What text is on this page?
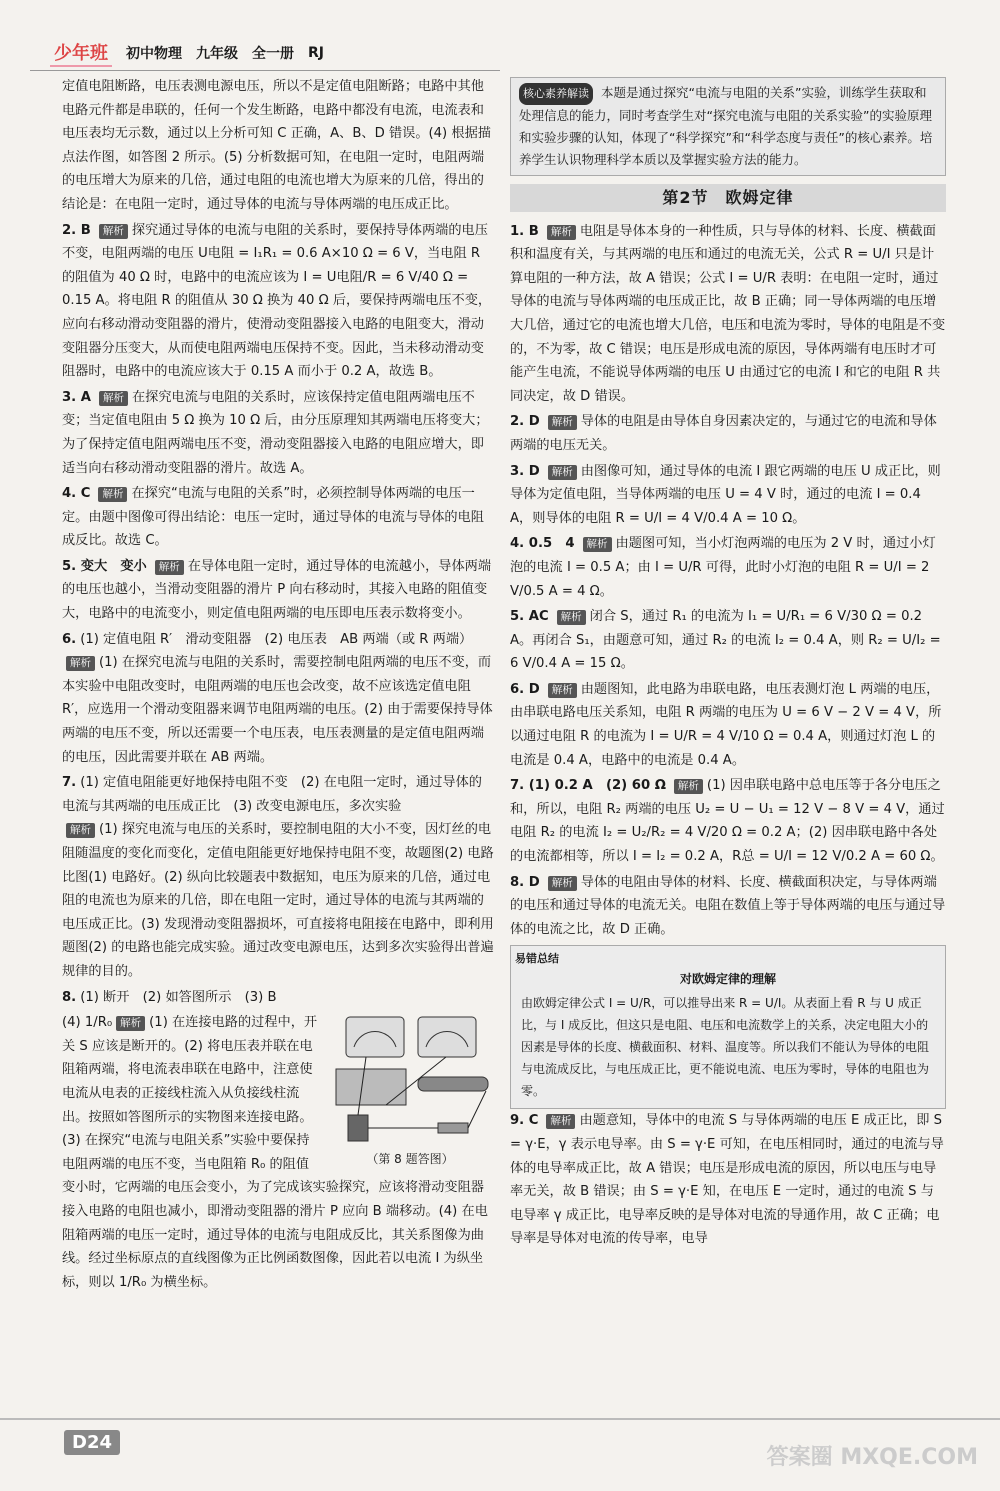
少年班 初中物理 九年级 全一册 RJ

定值电阻断路，电压表测电源电压，所以不是定值电阻断路；电路中其他电路元件都是串联的，任何一个发生断路，电路中都没有电流，电流表和电压表均无示数，通过以上分析可知 C 正确，A、B、D 错误。(4) 根据描点法作图，如答图 2 所示。(5) 分析数据可知，在电阻一定时，电阻两端的电压增大为原来的几倍，通过电阻的电流也增大为原来的几倍，得出的结论是：在电阻一定时，通过导体的电流与导体两端的电压成正比。

2. B 解析 探究通过导体的电流与电阻的关系时，要保持导体两端的电压不变，电阻两端的电压 U电阻 = I₁R₁ = 0.6 A×10 Ω = 6 V，当电阻 R 的阻值为 40 Ω 时，电路中的电流应该为 I = U电阻/R = 6 V/40 Ω = 0.15 A。将电阻 R 的阻值从 30 Ω 换为 40 Ω 后，要保持两端电压不变，应向右移动滑动变阻器的滑片，使滑动变阻器接入电路的电阻变大，滑动变阻器分压变大，从而使电阻两端电压保持不变。因此，当未移动滑动变阻器时，电路中的电流应该大于 0.15 A 而小于 0.2 A，故选 B。

3. A 解析 在探究电流与电阻的关系时，应该保持定值电阻两端电压不变；当定值电阻由 5 Ω 换为 10 Ω 后，由分压原理知其两端电压将变大；为了保持定值电阻两端电压不变，滑动变阻器接入电路的电阻应增大，即适当向右移动滑动变阻器的滑片。故选 A。

4. C 解析 在探究“电流与电阻的关系”时，必须控制导体两端的电压一定。由题中图像可得出结论：电压一定时，通过导体的电流与导体的电阻成反比。故选 C。

5. 变大　变小 解析 在导体电阻一定时，通过导体的电流越小，导体两端的电压也越小，当滑动变阻器的滑片 P 向右移动时，其接入电路的阻值变大，电路中的电流变小，则定值电阻两端的电压即电压表示数将变小。

6. (1) 定值电阻 R′　滑动变阻器　(2) 电压表　AB 两端（或 R 两端）
解析 (1) 在探究电流与电阻的关系时，需要控制电阻两端的电压不变，而本实验中电阻改变时，电阻两端的电压也会改变，故不应该选定值电阻 R′，应选用一个滑动变阻器来调节电阻两端的电压。(2) 由于需要保持导体两端的电压不变，所以还需要一个电压表，电压表测量的是定值电阻两端的电压，因此需要并联在 AB 两端。

7. (1) 定值电阻能更好地保持电阻不变　(2) 在电阻一定时，通过导体的电流与其两端的电压成正比　(3) 改变电源电压，多次实验
解析 (1) 探究电流与电压的关系时，要控制电阻的大小不变，因灯丝的电阻随温度的变化而变化，定值电阻能更好地保持电阻不变，故题图(2) 电路比图(1) 电路好。(2) 纵向比较题表中数据知，电压为原来的几倍，通过电阻的电流也为原来的几倍，即在电阻一定时，通过导体的电流与其两端的电压成正比。(3) 发现滑动变阻器损坏，可直接将电阻接在电路中，即利用题图(2) 的电路也能完成实验。通过改变电源电压，达到多次实验得出普遍规律的目的。

8. (1) 断开　(2) 如答图所示　(3) B

（第 8 题答图）

(4) 1/R₀ 解析 (1) 在连接电路的过程中，开关 S 应该是断开的。(2) 将电压表并联在电阻箱两端，将电流表串联在电路中，注意使电流从电表的正接线柱流入从负接线柱流出。按照如答图所示的实物图来连接电路。(3) 在探究“电流与电阻关系”实验中要保持电阻两端的电压不变，当电阻箱 R₀ 的阻值变小时，它两端的电压会变小，为了完成该实验探究，应该将滑动变阻器接入电路的电阻也减小，即滑动变阻器的滑片 P 应向 B 端移动。(4) 在电阻箱两端的电压一定时，通过导体的电流与电阻成反比，其关系图像为曲线。经过坐标原点的直线图像为正比例函数图像，因此若以电流 I 为纵坐标，则以 1/R₀ 为横坐标。

核心素养解读 本题是通过探究“电流与电阻的关系”实验，训练学生获取和处理信息的能力，同时考查学生对“探究电流与电阻的关系实验”的实验原理和实验步骤的认知，体现了“科学探究”和“科学态度与责任”的核心素养。培养学生认识物理科学本质以及掌握实验方法的能力。
第2节　欧姆定律

1. B 解析 电阻是导体本身的一种性质，只与导体的材料、长度、横截面积和温度有关，与其两端的电压和通过的电流无关，公式 R = U/I 只是计算电阻的一种方法，故 A 错误；公式 I = U/R 表明：在电阻一定时，通过导体的电流与导体两端的电压成正比，故 B 正确；同一导体两端的电压增大几倍，通过它的电流也增大几倍，电压和电流为零时，导体的电阻是不变的，不为零，故 C 错误；电压是形成电流的原因，导体两端有电压时才可能产生电流，不能说导体两端的电压 U 由通过它的电流 I 和它的电阻 R 共同决定，故 D 错误。

2. D 解析 导体的电阻是由导体自身因素决定的，与通过它的电流和导体两端的电压无关。

3. D 解析 由图像可知，通过导体的电流 I 跟它两端的电压 U 成正比，则导体为定值电阻，当导体两端的电压 U = 4 V 时，通过的电流 I = 0.4 A，则导体的电阻 R = U/I = 4 V/0.4 A = 10 Ω。

4. 0.5　4 解析 由题图可知，当小灯泡两端的电压为 2 V 时，通过小灯泡的电流 I = 0.5 A；由 I = U/R 可得，此时小灯泡的电阻 R = U/I = 2 V/0.5 A = 4 Ω。

5. AC 解析 闭合 S，通过 R₁ 的电流为 I₁ = U/R₁ = 6 V/30 Ω = 0.2 A。再闭合 S₁，由题意可知，通过 R₂ 的电流 I₂ = 0.4 A，则 R₂ = U/I₂ = 6 V/0.4 A = 15 Ω。

6. D 解析 由题图知，此电路为串联电路，电压表测灯泡 L 两端的电压，由串联电路电压关系知，电阻 R 两端的电压为 U = 6 V − 2 V = 4 V，所以通过电阻 R 的电流为 I = U/R = 4 V/10 Ω = 0.4 A，则通过灯泡 L 的电流是 0.4 A，电路中的电流是 0.4 A。

7. (1) 0.2 A　(2) 60 Ω 解析 (1) 因串联电路中总电压等于各分电压之和，所以，电阻 R₂ 两端的电压 U₂ = U − U₁ = 12 V − 8 V = 4 V，通过电阻 R₂ 的电流 I₂ = U₂/R₂ = 4 V/20 Ω = 0.2 A；(2) 因串联电路中各处的电流都相等，所以 I = I₂ = 0.2 A，R总 = U/I = 12 V/0.2 A = 60 Ω。

8. D 解析 导体的电阻由导体的材料、长度、横截面积决定，与导体两端的电压和通过导体的电流无关。电阻在数值上等于导体两端的电压与通过导体的电流之比，故 D 正确。

易错总结
对欧姆定律的理解
由欧姆定律公式 I = U/R，可以推导出来 R = U/I。从表面上看 R 与 U 成正比，与 I 成反比，但这只是电阻、电压和电流数学上的关系，决定电阻大小的因素是导体的长度、横截面积、材料、温度等。所以我们不能认为导体的电阻与电流成反比，与电压成正比，更不能说电流、电压为零时，导体的电阻也为零。

9. C 解析 由题意知，导体中的电流 S 与导体两端的电压 E 成正比，即 S = γ·E，γ 表示电导率。由 S = γ·E 可知，在电压相同时，通过的电流与导体的电导率成正比，故 A 错误；电压是形成电流的原因，所以电压与电导率无关，故 B 错误；由 S = γ·E 知，在电压 E 一定时，通过的电流 S 与电导率 γ 成正比，电导率反映的是导体对电流的导通作用，故 C 正确；电导率是导体对电流的传导率，电导

D24
答案圈 MXQE.COM
